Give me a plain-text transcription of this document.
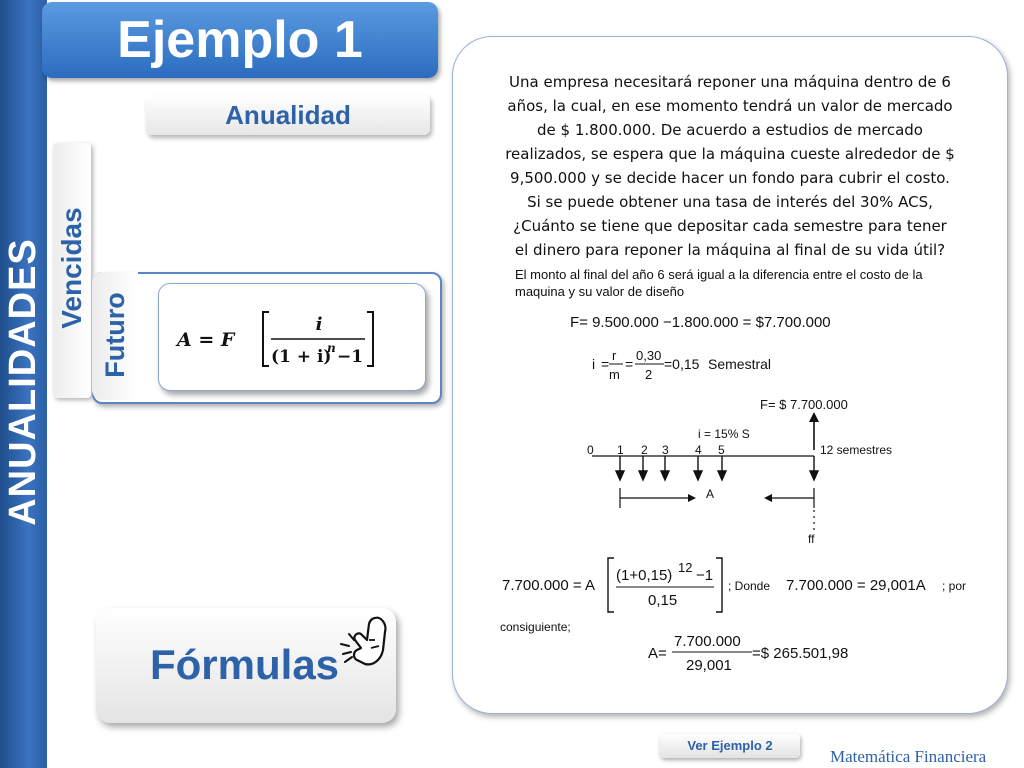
ANUALIDADES
Ejemplo 1
Anualidad
Vencidas
Futuro A = F
i
(1 + i)
n −1
Fórmulas
Una empresa necesitará reponer una máquina dentro de 6
años, la cual, en ese momento tendrá un valor de mercado
de $ 1.800.000. De acuerdo a estudios de mercado
realizados, se espera que la máquina cueste alrededor de $
9,500.000 y se decide hacer un fondo para cubrir el costo.
Si se puede obtener una tasa de interés del 30% ACS,
¿Cuánto se tiene que depositar cada semestre para tener
el dinero para reponer la máquina al final de su vida útil?
El monto al final del año 6 será igual a la diferencia entre el costo de la
maquina y su valor de diseño
F= 9.500.000 −1.800.000 = $7.700.000
i =
r
m
=
0,30
2
=0,15 Semestral
F= $ 7.700.000
i = 15% S
0 1 2 3 4 5	12 semestres
A
ff
7.700.000 = A
(1+0,15) 12 −1
0,15
; Donde 7.700.000 = 29,001A ; por
consiguiente;
A=
7.700.000
29,001
=$ 265.501,98
Ver Ejemplo 2
Matemática Financiera
